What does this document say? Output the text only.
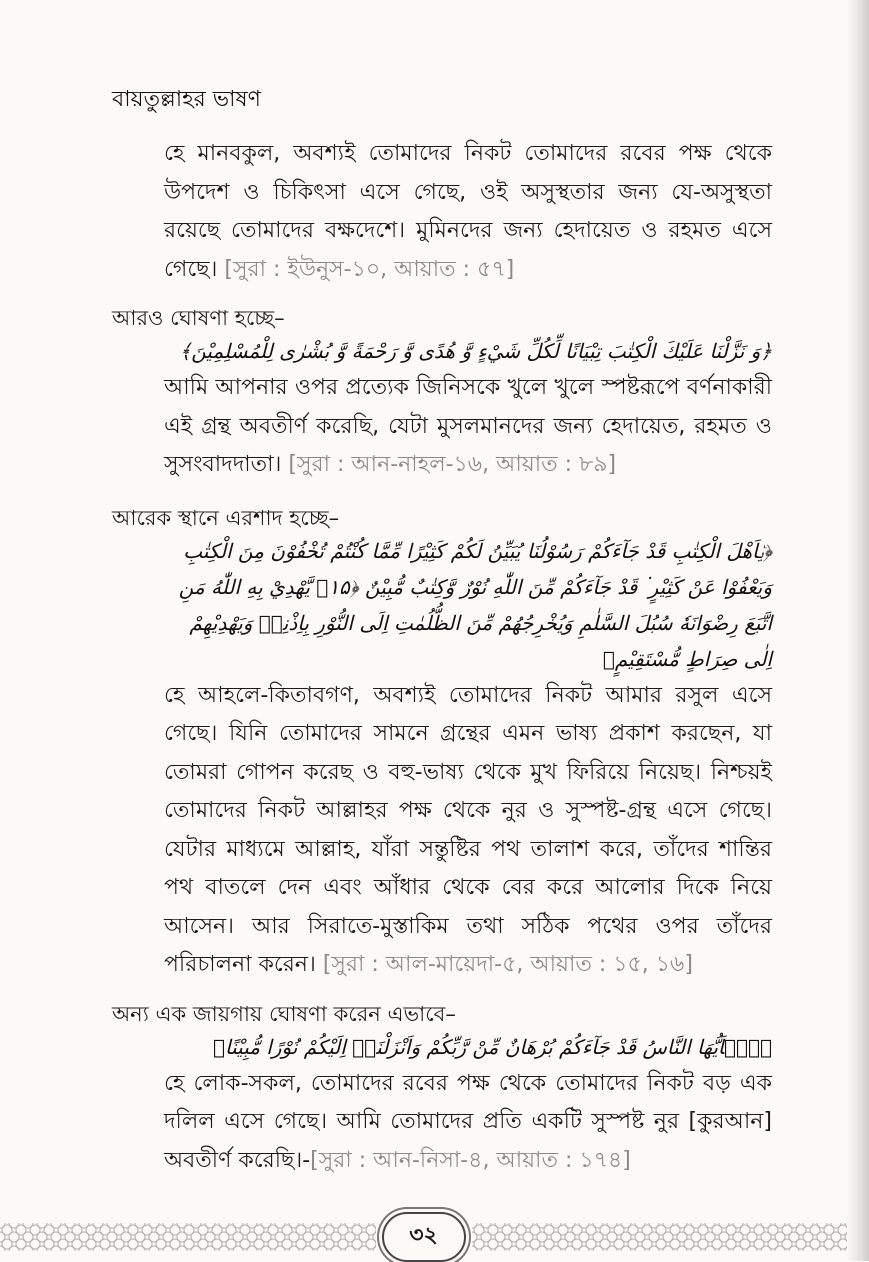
বায়তুল্লাহর ভাষণ
হে মানবকুল, অবশ্যই তোমাদের নিকট তোমাদের রবের পক্ষ থেকে উপদেশ ও চিকিৎসা এসে গেছে, ওই অসুস্থতার জন্য যে-অসুস্থতা রয়েছে তোমাদের বক্ষদেশে। মুমিনদের জন্য হেদায়েত ও রহমত এসে গেছে। [সুরা : ইউনুস-১০, আয়াত : ৫৭]
আরও ঘোষণা হচ্ছে–
﴿وَ نَزَّلْنَا عَلَيْكَ الْكِتٰبَ تِبْيَانًا لِّكُلِّ شَيْءٍ وَّ هُدًى وَّ رَحْمَةً وَّ بُشْرٰى لِلْمُسْلِمِيْنَ﴾
আমি আপনার ওপর প্রত্যেক জিনিসকে খুলে খুলে স্পষ্টরূপে বর্ণনাকারী এই গ্রন্থ অবতীর্ণ করেছি, যেটা মুসলমানদের জন্য হেদায়েত, রহমত ও সুসংবাদদাতা। [সুরা : আন-নাহল-১৬, আয়াত : ৮৯]
আরেক স্থানে এরশাদ হচ্ছে–
﴿يٰۤاَهْلَ الْكِتٰبِ قَدْ جَآءَكُمْ رَسُوْلُنَا يُبَيِّنُ لَكُمْ كَثِيْرًا مِّمَّا كُنْتُمْ تُخْفُوْنَ مِنَ الْكِتٰبِ وَيَعْفُوْا عَنْ كَثِيْرٍ ۬ قَدْ جَآءَكُمْ مِّنَ اللّٰهِ نُوْرٌ وَّكِتٰبٌ مُّبِيْنٌ ﴿۱۵﴾ يَّهْدِيْ بِهِ اللّٰهُ مَنِ اتَّبَعَ رِضْوَانَهٗ سُبُلَ السَّلٰمِ وَيُخْرِجُهُمْ مِّنَ الظُّلُمٰتِ اِلَى النُّوْرِ بِاِذْنِهٖ وَيَهْدِيْهِمْ اِلٰى صِرَاطٍ مُّسْتَقِيْمٍ﴾
হে আহলে-কিতাবগণ, অবশ্যই তোমাদের নিকট আমার রসুল এসে গেছে। যিনি তোমাদের সামনে গ্রন্থের এমন ভাষ্য প্রকাশ করছেন, যা তোমরা গোপন করেছ ও বহু-ভাষ্য থেকে মুখ ফিরিয়ে নিয়েছ। নিশ্চয়ই তোমাদের নিকট আল্লাহর পক্ষ থেকে নুর ও সুস্পষ্ট-গ্রন্থ এসে গেছে। যেটার মাধ্যমে আল্লাহ, যাঁরা সন্তুষ্টির পথ তালাশ করে, তাঁদের শান্তির পথ বাতলে দেন এবং আঁধার থেকে বের করে আলোর দিকে নিয়ে আসেন। আর সিরাতে-মুস্তাকিম তথা সঠিক পথের ওপর তাঁদের পরিচালনা করেন। [সুরা : আল-মায়েদা-৫, আয়াত : ১৫, ১৬]
অন্য এক জায়গায় ঘোষণা করেন এভাবে–
﴿يٰۤاَيُّهَا النَّاسُ قَدْ جَآءَكُمْ بُرْهَانٌ مِّنْ رَّبِّكُمْ وَاَنْزَلْنَاۤ اِلَيْكُمْ نُوْرًا مُّبِيْنًا﴾
হে লোক-সকল, তোমাদের রবের পক্ষ থেকে তোমাদের নিকট বড় এক দলিল এসে গেছে। আমি তোমাদের প্রতি একটি সুস্পষ্ট নুর [কুরআন] অবতীর্ণ করেছি।-[সুরা : আন-নিসা-৪, আয়াত : ১৭৪]
৩২
